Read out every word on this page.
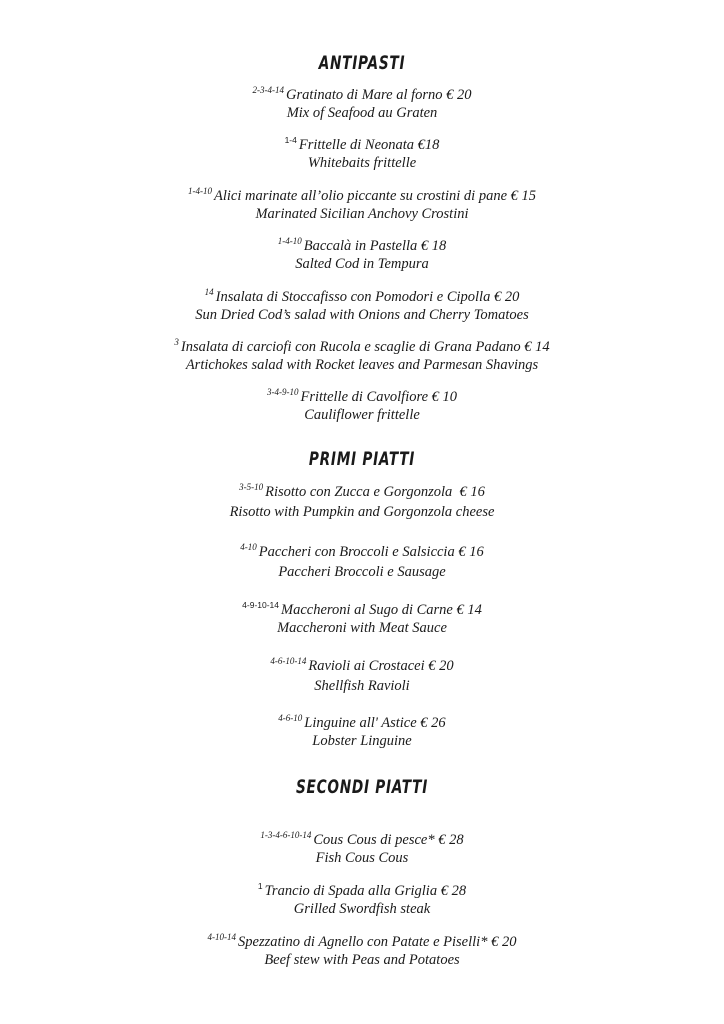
ANTIPASTI
$^{2-3-4-14}$ Gratinato di Mare al forno € 20
Mix of Seafood au Graten
$^{1-4}$ Frittelle di Neonata €18
Whitebaits frittelle
$^{1-4-10}$ Alici marinate all’olio piccante su crostini di pane € 15
Marinated Sicilian Anchovy Crostini
$^{1-4-10}$ Baccalà in Pastella € 18
Salted Cod in Tempura
$^{14}$ Insalata di Stoccafisso con Pomodori e Cipolla € 20
Sun Dried Cod’s salad with Onions and Cherry Tomatoes
$^3$ Insalata di carciofi con Rucola e scaglie di Grana Padano € 14
Artichokes salad with Rocket leaves and Parmesan Shavings
$^{3-4-9-10}$ Frittelle di Cavolfiore € 10
Cauliflower frittelle
PRIMI PIATTI
$^{3-5-10}$ Risotto con Zucca e Gorgonzola  € 16
Risotto with Pumpkin and Gorgonzola cheese
$^{4-10}$ Paccheri con Broccoli e Salsiccia € 16
Paccheri Broccoli e Sausage
$^{4-9-10-14}$ Maccheroni al Sugo di Carne € 14
Maccheroni with Meat Sauce
$^{4-6-10-14}$ Ravioli ai Crostacei € 20
Shellfish Ravioli
$^{4-6-10}$ Linguine all' Astice € 26
Lobster Linguine
SECONDI PIATTI
$^{1-3-4-6-10-14}$ Cous Cous di pesce* € 28
Fish Cous Cous
$^1$ Trancio di Spada alla Griglia € 28
Grilled Swordfish steak
$^{4-10-14}$ Spezzatino di Agnello con Patate e Piselli* € 20
Beef stew with Peas and Potatoes
